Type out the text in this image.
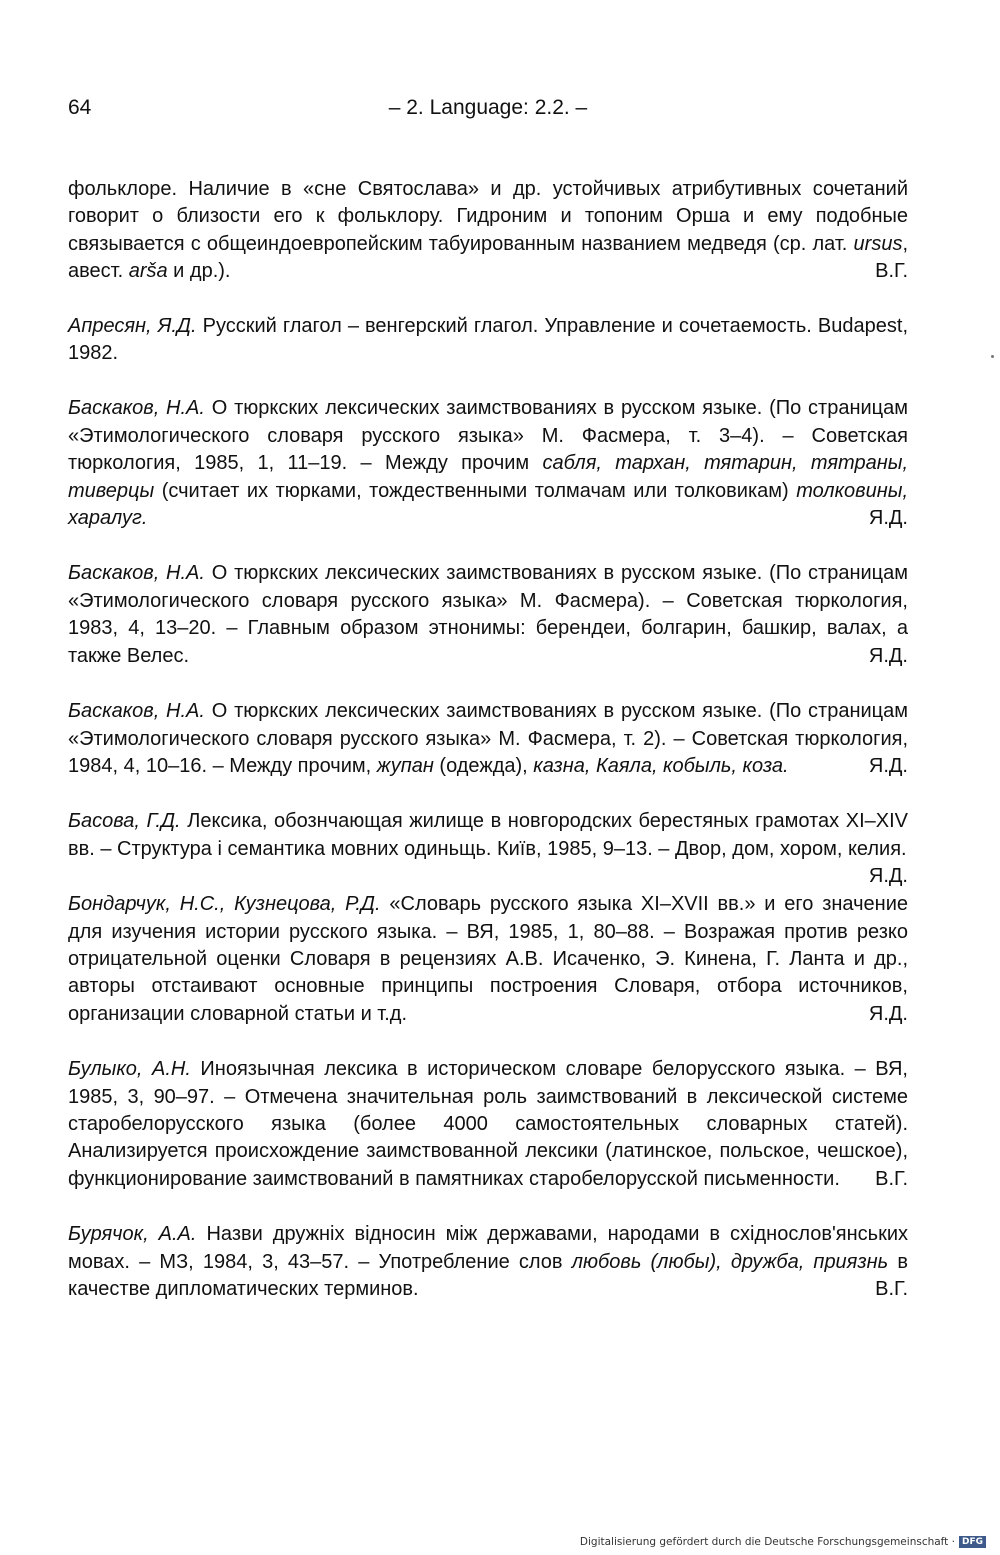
64	– 2. Language: 2.2. –

фольклоре. Наличие в «сне Святослава» и др. устойчивых атрибутивных сочетаний говорит о близости его к фольклору. Гидроним и топоним Орша и ему подобные связывается с общеиндоевропейским табуированным названием медведя (ср. лат. ursus, авест. arša и др.).	В.Г.

Апресян, Я.Д. Русский глагол – венгерский глагол. Управление и сочетаемость. Budapest, 1982.

Баскаков, Н.А. О тюркских лексических заимствованиях в русском языке. (По страницам «Этимологического словаря русского языка» М. Фасмера, т. 3–4). – Советская тюркология, 1985, 1, 11–19. – Между прочим сабля, тархан, тятарин, тятраны, тиверцы (считает их тюрками, тождественными толмачам или толковикам) толковины, харалуг.	Я.Д.

Баскаков, Н.А. О тюркских лексических заимствованиях в русском языке. (По страницам «Этимологического словаря русского языка» М. Фасмера). – Советская тюркология, 1983, 4, 13–20. – Главным образом этнонимы: берендеи, болгарин, башкир, валах, а также Велес.	Я.Д.

Баскаков, Н.А. О тюркских лексических заимствованиях в русском языке. (По страницам «Этимологического словаря русского языка» М. Фасмера, т. 2). – Советская тюркология, 1984, 4, 10–16. – Между прочим, жупан (одежда), казна, Каяла, кобыль, коза.	Я.Д.

Басова, Г.Д. Лексика, обознчающая жилище в новгородских берестяных грамотах XI–XIV вв. – Структура і семантика мовних одиньщь. Київ, 1985, 9–13. – Двор, дом, хором, келия.
Я.Д.

Бондарчук, Н.С., Кузнецова, Р.Д. «Словарь русского языка XI–XVII вв.» и его значение для изучения истории русского языка. – ВЯ, 1985, 1, 80–88. – Возражая против резко отрицательной оценки Словаря в рецензиях А.В. Исаченко, Э. Кинена, Г. Ланта и др., авторы отстаивают основные принципы построения Словаря, отбора источников, организации словарной статьи и т.д.	Я.Д.

Булыко, А.Н. Иноязычная лексика в историческом словаре белорусского языка. – ВЯ, 1985, 3, 90–97. – Отмечена значительная роль заимствований в лексической системе старобелорусского языка (более 4000 самостоятельных словарных статей). Анализируется происхождение заимствованной лексики (латинское, польское, чешское), функционирование заимствований в памятниках старобелорусской письменности.	В.Г.

Бурячок, А.А. Назви дружнiх вiдносин мiж державами, народами в схiднослов'янських мовах. – МЗ, 1984, 3, 43–57. – Употребление слов любовь (любы), дружба, приязнь в качестве дипломатических терминов.	В.Г.

Digitalisierung gefördert durch die Deutsche Forschungsgemeinschaft · DFG
